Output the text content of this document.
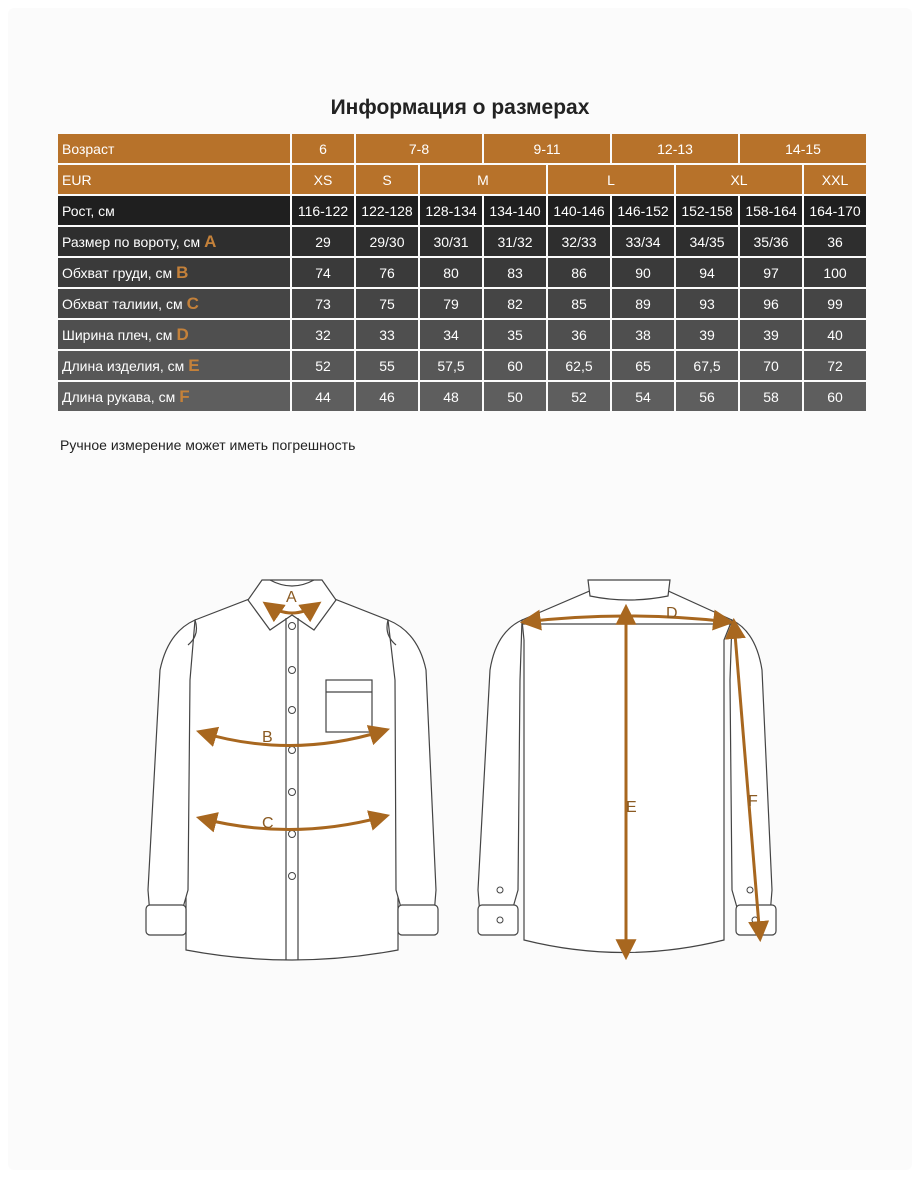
Информация о размерах
Возраст	6	7-8		9-11		12-13		14-15	
EUR	XS	S	M		L		XL		XXL
Рост, см	116-122	122-128	128-134	134-140	140-146	146-152	152-158	158-164	164-170
Размер по вороту, см A	29	29/30	30/31	31/32	32/33	33/34	34/35	35/36	36
Обхват груди, см B	74	76	80	83	86	90	94	97	100
Обхват талиии, см C	73	75	79	82	85	89	93	96	99
Ширина плеч, см D	32	33	34	35	36	38	39	39	40
Длина изделия, см E	52	55	57,5	60	62,5	65	67,5	70	72
Длина рукава, см F	44	46	48	50	52	54	56	58	60
Ручное измерение может иметь погрешность
A
B
C
D
E	F
